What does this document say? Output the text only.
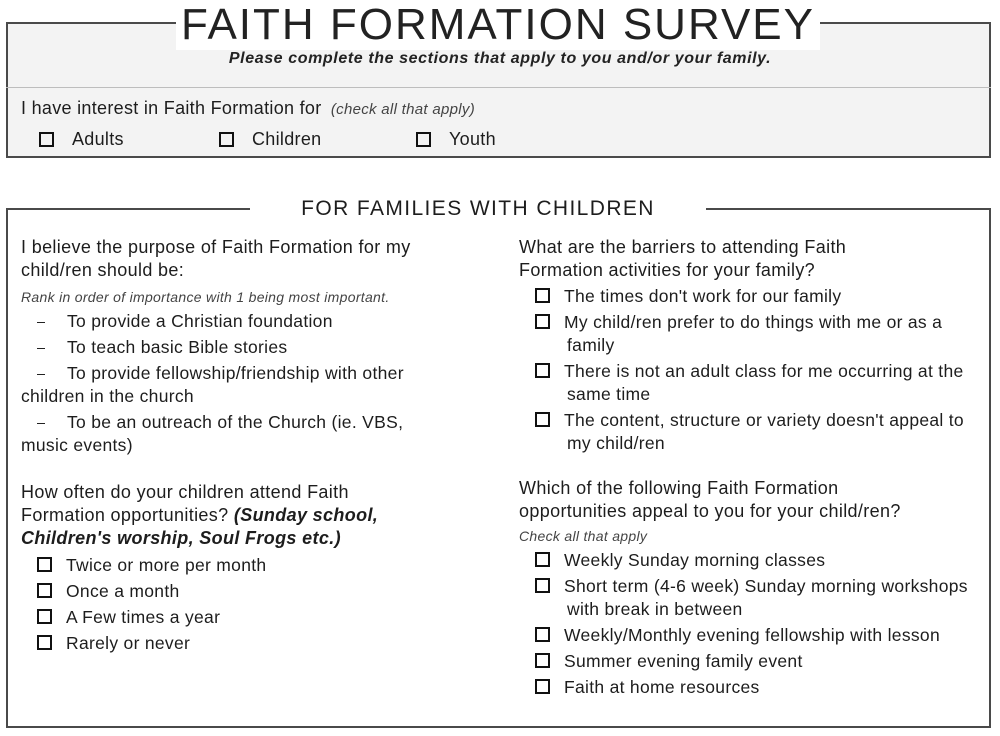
FAITH FORMATION SURVEY
Please complete the sections that apply to you and/or your family.
I have interest in Faith Formation for (check all that apply)
Adults	Children	Youth
FOR FAMILIES WITH CHILDREN
I believe the purpose of Faith Formation for my
child/ren should be:
Rank in order of importance with 1 being most important.
To provide a Christian foundation
To teach basic Bible stories
To provide fellowship/friendship with other children in the church
To be an outreach of the Church (ie. VBS, music events)
How often do your children attend Faith
Formation opportunities? (Sunday school,
Children's worship, Soul Frogs etc.)
Twice or more per month
Once a month
A Few times a year
Rarely or never
What are the barriers to attending Faith
Formation activities for your family?
The times don't work for our family
My child/ren prefer to do things with me or as a family
There is not an adult class for me occurring at the same time
The content, structure or variety doesn't appeal to my child/ren
Which of the following Faith Formation
opportunities appeal to you for your child/ren?
Check all that apply
Weekly Sunday morning classes
Short term (4-6 week) Sunday morning workshops with break in between
Weekly/Monthly evening fellowship with lesson
Summer evening family event
Faith at home resources
